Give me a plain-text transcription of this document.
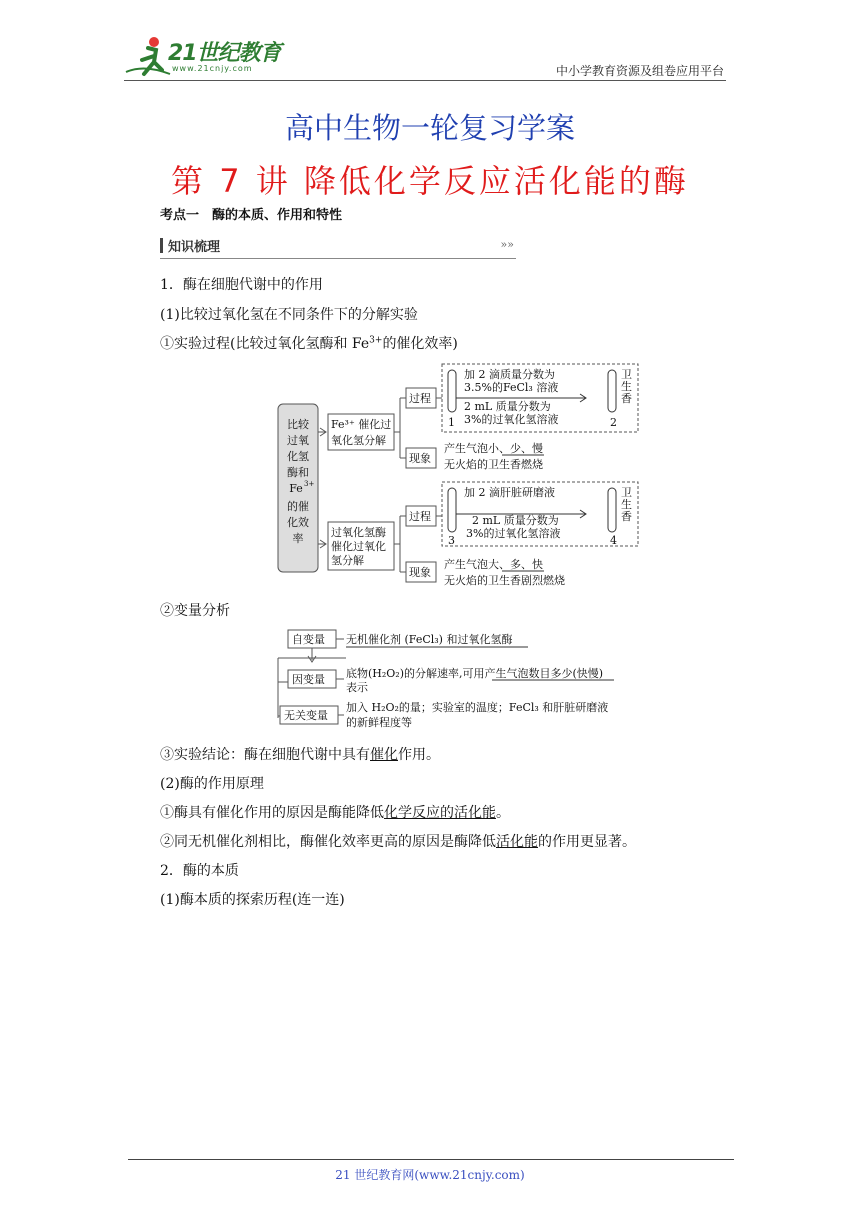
21世纪教育
www.21cnjy.com	中小学教育资源及组卷应用平台
高中生物一轮复习学案
第 7 讲 降低化学反应活化能的酶
考点一　酶的本质、作用和特性
知识梳理	»»
1．酶在细胞代谢中的作用
(1)比较过氧化氢在不同条件下的分解实验
①实验过程(比较过氧化氢酶和 $Fe^{3+}$的催化效率)
比较
过氧
化氢
酶和
Fe 3+
的催
化效
率
Fe³⁺ 催化过
氧化氢分解
过氧化氢酶
催化过氧化
氢分解
过程
现象
过程
现象
加 2 滴质量分数为
3.5%的FeCl₃ 溶液
2 mL 质量分数为
3%的过氧化氢溶液
1	2
卫
生
香
产生气泡小、少、慢
无火焰的卫生香燃烧
加 2 滴肝脏研磨液
2 mL 质量分数为
3%的过氧化氢溶液
3	4
卫
生
香
产生气泡大、多、快
无火焰的卫生香剧烈燃烧
②变量分析
自变量 无机催化剂 (FeCl₃) 和过氧化氢酶
因变量 底物(H₂O₂)的分解速率,可用产生气泡数目多少(快慢)
表示
无关变量
加入 H₂O₂的量；实验室的温度；FeCl₃ 和肝脏研磨液
的新鲜程度等
③实验结论：酶在细胞代谢中具有催化作用。
(2)酶的作用原理
①酶具有催化作用的原因是酶能降低化学反应的活化能。
②同无机催化剂相比，酶催化效率更高的原因是酶降低活化能的作用更显著。
2．酶的本质
(1)酶本质的探索历程(连一连)
21 世纪教育网(www.21cnjy.com)
